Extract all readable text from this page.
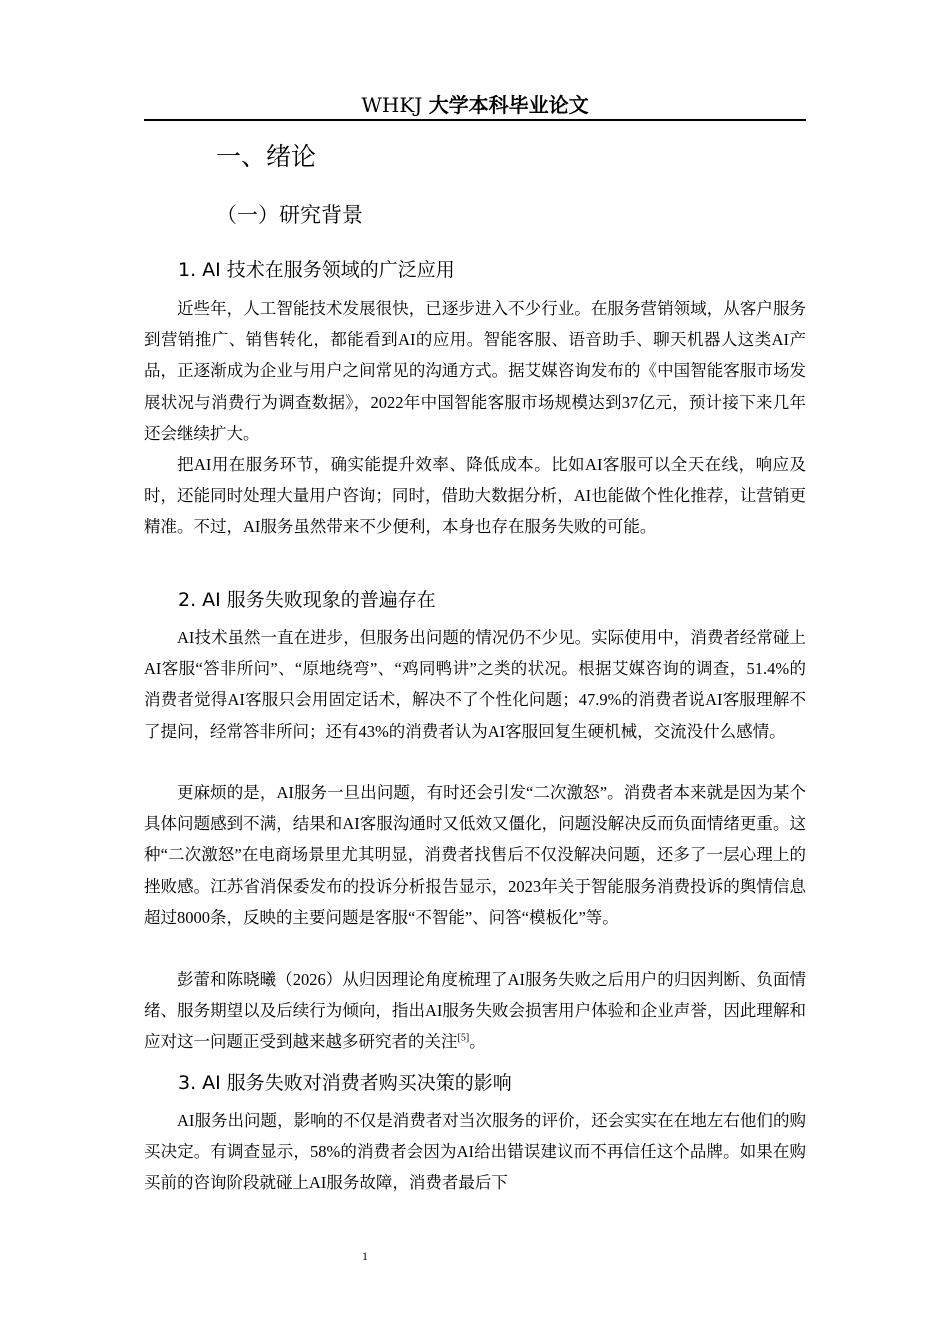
WHKJ 大学本科毕业论文
一、绪论
（一）研究背景
1. AI 技术在服务领域的广泛应用

近些年，人工智能技术发展很快，已逐步进入不少行业。在服务营销领域，从客户服务到营销推广、销售转化，都能看到AI的应用。智能客服、语音助手、聊天机器人这类AI产品，正逐渐成为企业与用户之间常见的沟通方式。据艾媒咨询发布的《中国智能客服市场发展状况与消费行为调查数据》，2022年中国智能客服市场规模达到37亿元，预计接下来几年还会继续扩大。

把AI用在服务环节，确实能提升效率、降低成本。比如AI客服可以全天在线，响应及时，还能同时处理大量用户咨询；同时，借助大数据分析，AI也能做个性化推荐，让营销更精准。不过，AI服务虽然带来不少便利，本身也存在服务失败的可能。

2. AI 服务失败现象的普遍存在

AI技术虽然一直在进步，但服务出问题的情况仍不少见。实际使用中，消费者经常碰上AI客服“答非所问”、“原地绕弯”、“鸡同鸭讲”之类的状况。根据艾媒咨询的调查，51.4%的消费者觉得AI客服只会用固定话术，解决不了个性化问题；47.9%的消费者说AI客服理解不了提问，经常答非所问；还有43%的消费者认为AI客服回复生硬机械，交流没什么感情。

更麻烦的是，AI服务一旦出问题，有时还会引发“二次激怒”。消费者本来就是因为某个具体问题感到不满，结果和AI客服沟通时又低效又僵化，问题没解决反而负面情绪更重。这种“二次激怒”在电商场景里尤其明显，消费者找售后不仅没解决问题，还多了一层心理上的挫败感。江苏省消保委发布的投诉分析报告显示，2023年关于智能服务消费投诉的舆情信息超过8000条，反映的主要问题是客服“不智能”、问答“模板化”等。

彭蕾和陈晓曦（2026）从归因理论角度梳理了AI服务失败之后用户的归因判断、负面情绪、服务期望以及后续行为倾向，指出AI服务失败会损害用户体验和企业声誉，因此理解和应对这一问题正受到越来越多研究者的关注[5]。

3. AI 服务失败对消费者购买决策的影响

AI服务出问题，影响的不仅是消费者对当次服务的评价，还会实实在在地左右他们的购买决定。有调查显示，58%的消费者会因为AI给出错误建议而不再信任这个品牌。如果在购买前的咨询阶段就碰上AI服务故障，消费者最后下

1
